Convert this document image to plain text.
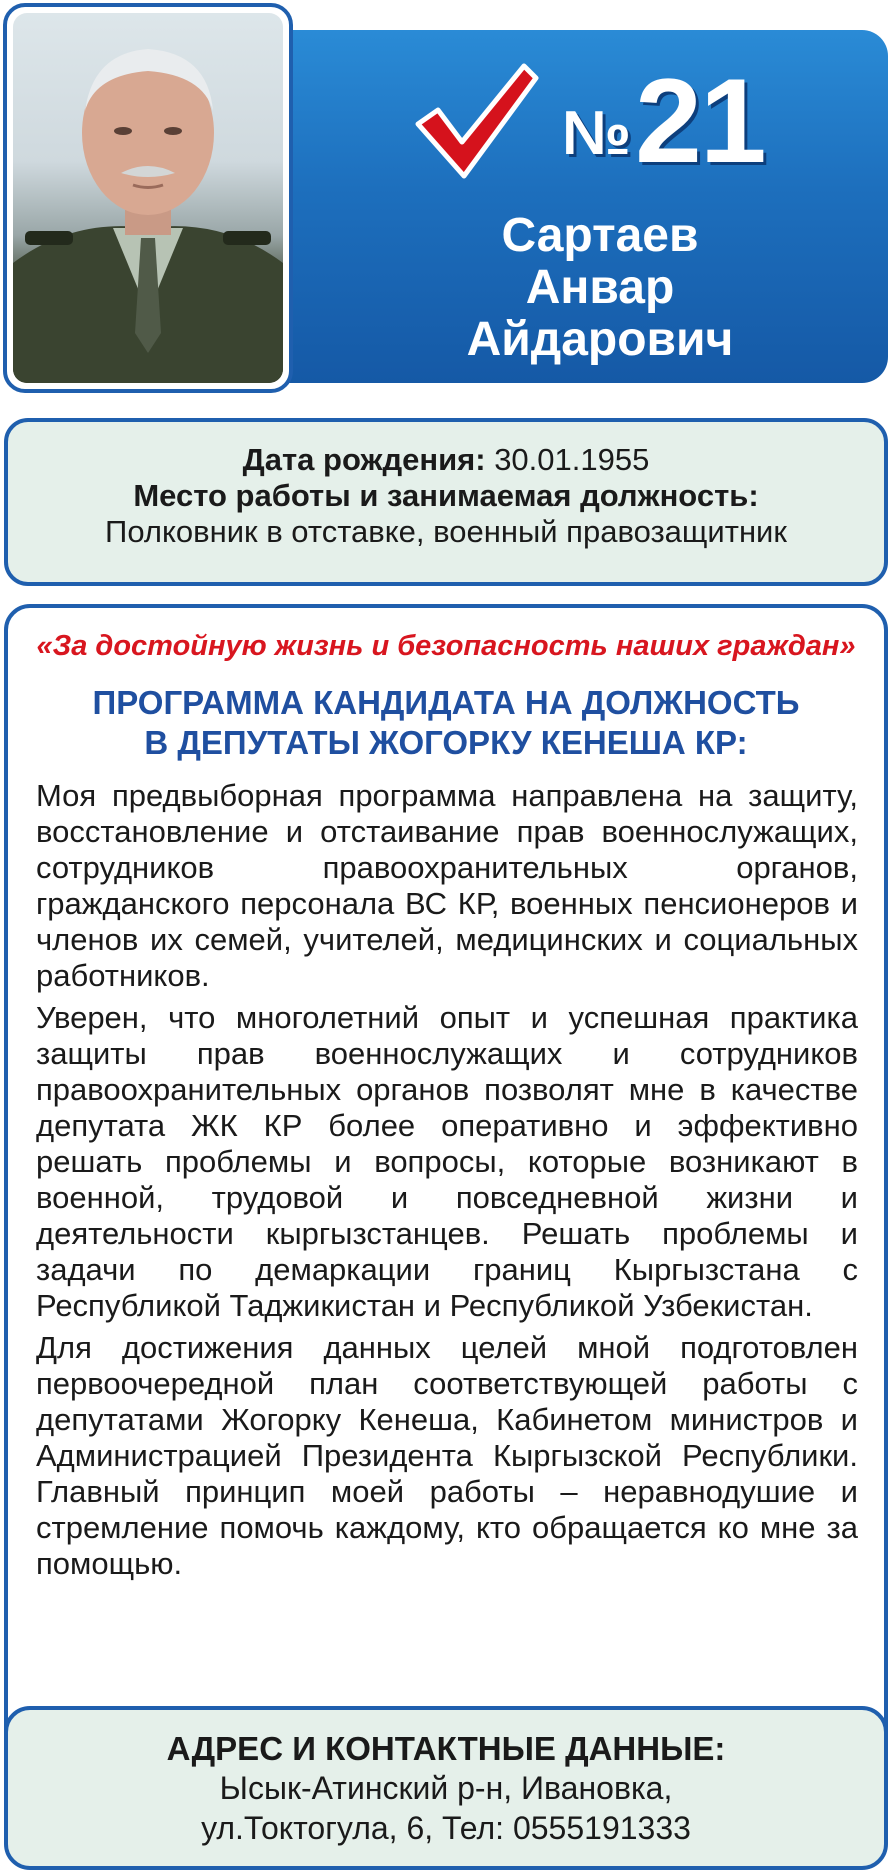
№21
Сартаев
Анвар
Айдарович
Дата рождения: 30.01.1955
Место работы и занимаемая должность:
Полковник в отставке, военный правозащитник
«За достойную жизнь и безопасность наших граждан»
ПРОГРАММА КАНДИДАТА НА ДОЛЖНОСТЬ
В ДЕПУТАТЫ ЖОГОРКУ КЕНЕША КР:

Моя предвыборная программа направлена на защиту, восстановление и отстаивание прав военнослужащих, сотрудников правоохранительных органов, гражданского персонала ВС КР, военных пенсионеров и членов их семей, учителей, медицинских и социальных работников.

Уверен, что многолетний опыт и успешная практика защиты прав военнослужащих и сотрудников правоохранительных органов позволят мне в качестве депутата ЖК КР более оперативно и эффективно решать проблемы и вопросы, которые возникают в военной, трудовой и повседневной жизни и деятельности кыргызстанцев. Решать проблемы и задачи по демаркации границ Кыргызстана с Республикой Таджикистан и Республикой Узбекистан.

Для достижения данных целей мной подготовлен первоочередной план соответствующей работы с депутатами Жогорку Кенеша, Кабинетом министров и Администрацией Президента Кыргызской Республики. Главный принцип моей работы – неравнодушие и стремление помочь каждому, кто обращается ко мне за помощью.

АДРЕС И КОНТАКТНЫЕ ДАННЫЕ:
Ысык-Атинский р-н, Ивановка,
ул.Токтогула, 6, Тел: 0555191333
